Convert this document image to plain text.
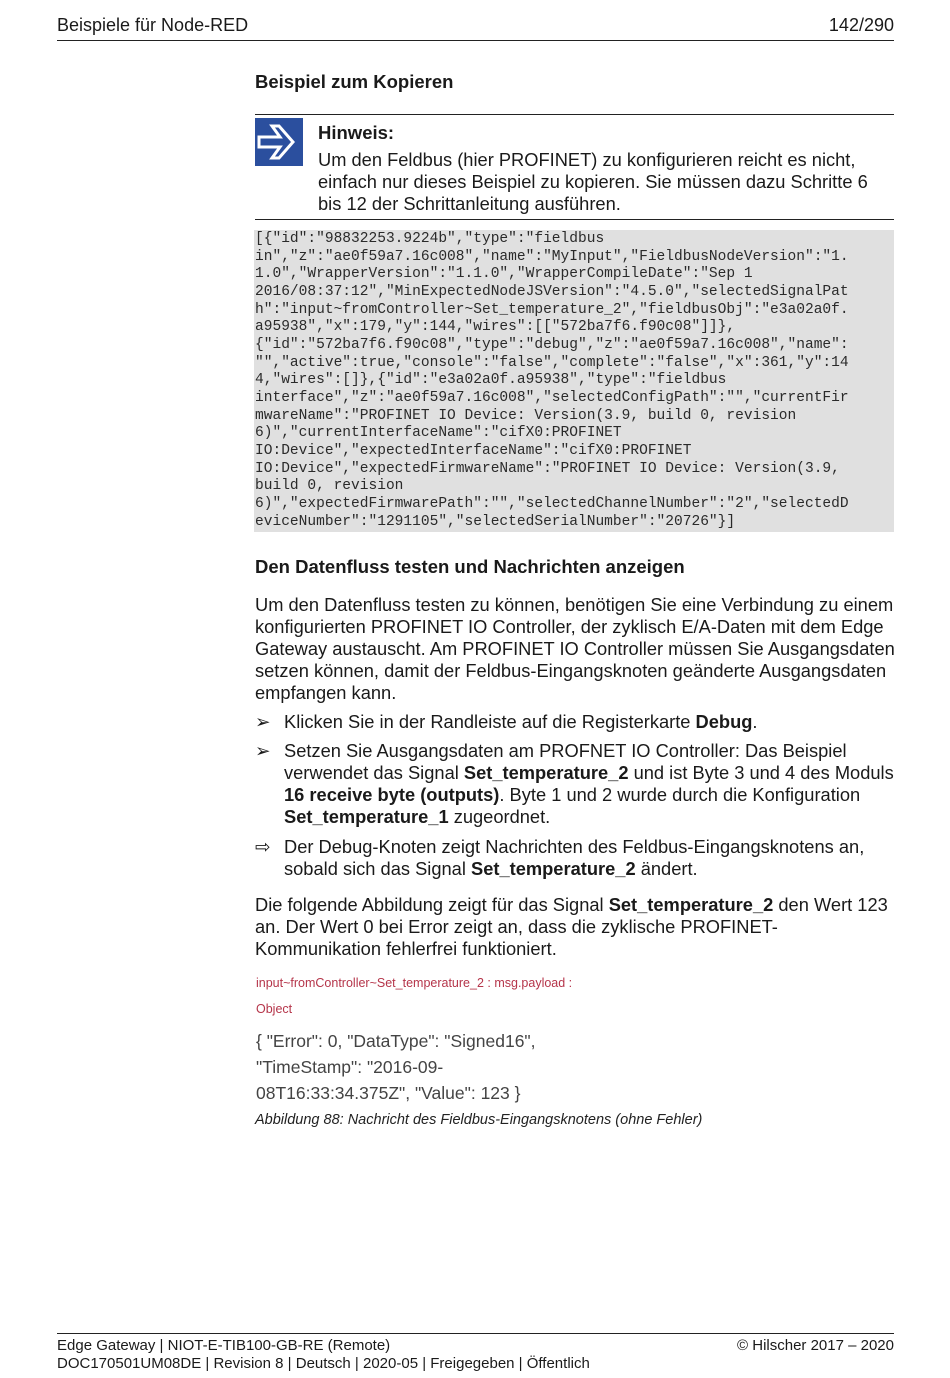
Beispiele für Node-RED	142/290
Beispiel zum Kopieren
Hinweis:
Um den Feldbus (hier PROFINET) zu konfigurieren reicht es nicht, einfach nur dieses Beispiel zu kopieren. Sie müssen dazu Schritte 6 bis 12 der Schrittanleitung ausführen.
[{"id":"98832253.9224b","type":"fieldbus
in","z":"ae0f59a7.16c008","name":"MyInput","FieldbusNodeVersion":"1.
1.0","WrapperVersion":"1.1.0","WrapperCompileDate":"Sep 1
2016/08:37:12","MinExpectedNodeJSVersion":"4.5.0","selectedSignalPat
h":"input~fromController~Set_temperature_2","fieldbusObj":"e3a02a0f.
a95938","x":179,"y":144,"wires":[["572ba7f6.f90c08"]]},
{"id":"572ba7f6.f90c08","type":"debug","z":"ae0f59a7.16c008","name":
"","active":true,"console":"false","complete":"false","x":361,"y":14
4,"wires":[]},{"id":"e3a02a0f.a95938","type":"fieldbus
interface","z":"ae0f59a7.16c008","selectedConfigPath":"","currentFir
mwareName":"PROFINET IO Device: Version(3.9, build 0, revision
6)","currentInterfaceName":"cifX0:PROFINET
IO:Device","expectedInterfaceName":"cifX0:PROFINET
IO:Device","expectedFirmwareName":"PROFINET IO Device: Version(3.9,
build 0, revision
6)","expectedFirmwarePath":"","selectedChannelNumber":"2","selectedD
eviceNumber":"1291105","selectedSerialNumber":"20726"}]
Den Datenfluss testen und Nachrichten anzeigen
Um den Datenfluss testen zu können, benötigen Sie eine Verbindung zu einem konfigurierten PROFINET IO Controller, der zyklisch E/A-Daten mit dem Edge Gateway austauscht. Am PROFINET IO Controller müssen Sie Ausgangsdaten setzen können, damit der Feldbus-Eingangsknoten geänderte Ausgangsdaten empfangen kann.
➢ Klicken Sie in der Randleiste auf die Registerkarte Debug.
➢ Setzen Sie Ausgangsdaten am PROFNET IO Controller: Das Beispiel verwendet das Signal Set_temperature_2 und ist Byte 3 und 4 des Moduls 16 receive byte (outputs). Byte 1 und 2 wurde durch die Konfiguration Set_temperature_1 zugeordnet.
⇨ Der Debug-Knoten zeigt Nachrichten des Feldbus-Eingangsknotens an, sobald sich das Signal Set_temperature_2 ändert.
Die folgende Abbildung zeigt für das Signal Set_temperature_2 den Wert 123 an. Der Wert 0 bei Error zeigt an, dass die zyklische PROFINET-Kommunikation fehlerfrei funktioniert.
input~fromController~Set_temperature_2 : msg.payload :
Object
{ "Error": 0, "DataType": "Signed16", "TimeStamp": "2016-09-08T16:33:34.375Z", "Value": 123 }
Abbildung 88: Nachricht des Fieldbus-Eingangsknotens (ohne Fehler)
Edge Gateway | NIOT-E-TIB100-GB-RE (Remote)
DOC170501UM08DE | Revision 8 | Deutsch | 2020-05 | Freigegeben | Öffentlich
© Hilscher 2017 – 2020
